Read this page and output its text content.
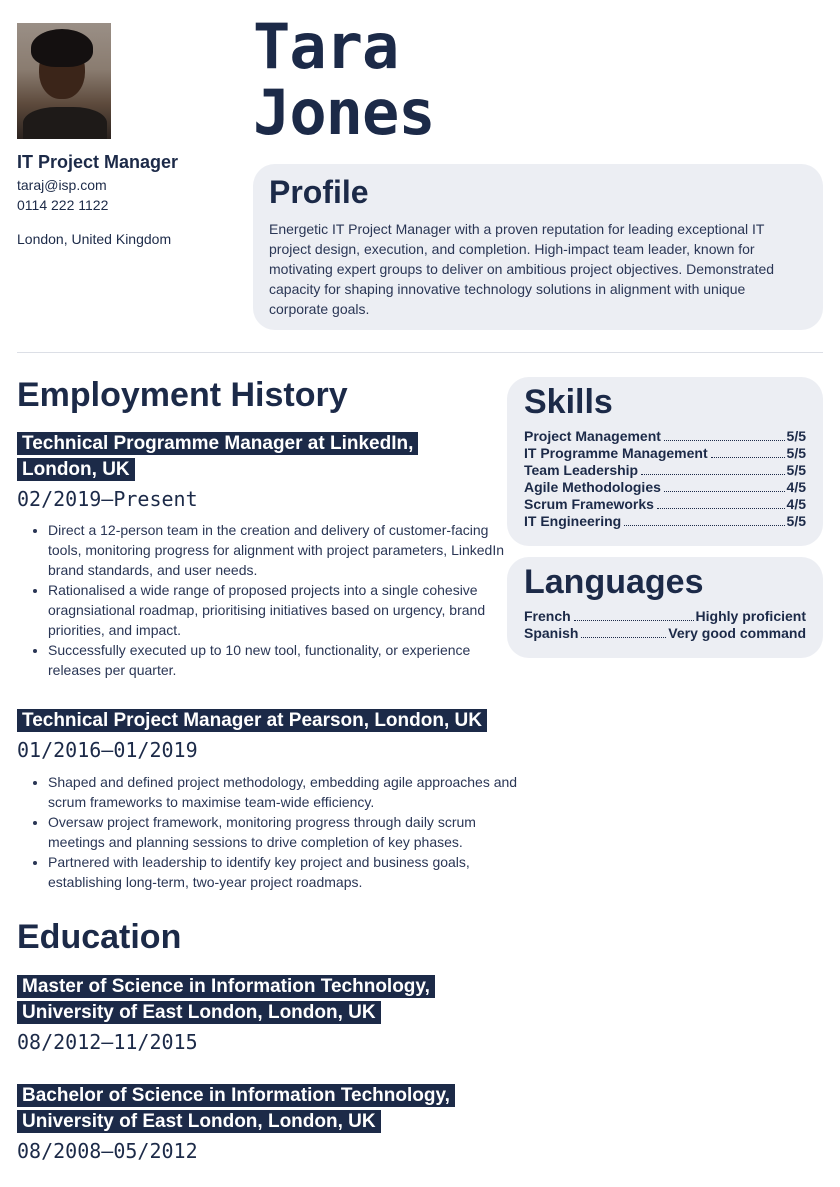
Tara
Jones
IT Project Manager
taraj@isp.com
0114 222 1122
London, United Kingdom
Profile

Energetic IT Project Manager with a proven reputation for leading exceptional IT project design, execution, and completion. High-impact team leader, known for motivating expert groups to deliver on ambitious project objectives. Demonstrated capacity for shaping innovative technology solutions in alignment with unique corporate goals.

Employment History
Technical Programme Manager at LinkedIn, London, UK
02/2019—Present
• Direct a 12-person team in the creation and delivery of customer-facing tools, monitoring progress for alignment with project parameters, LinkedIn brand standards, and user needs.
• Rationalised a wide range of proposed projects into a single cohesive oragnsiational roadmap, prioritising initiatives based on urgency, brand priorities, and impact.
• Successfully executed up to 10 new tool, functionality, or experience releases per quarter.
Technical Project Manager at Pearson, London, UK
01/2016—01/2019
• Shaped and defined project methodology, embedding agile approaches and scrum frameworks to maximise team-wide efficiency.
• Oversaw project framework, monitoring progress through daily scrum meetings and planning sessions to drive completion of key phases.
• Partnered with leadership to identify key project and business goals, establishing long-term, two-year project roadmaps.
Education
Master of Science in Information Technology, University of East London, London, UK
08/2012—11/2015
Bachelor of Science in Information Technology, University of East London, London, UK
08/2008—05/2012
Skills
Project Management	5/5
IT Programme Management	5/5
Team Leadership	5/5
Agile Methodologies	4/5
Scrum Frameworks	4/5
IT Engineering	5/5
Languages
French	Highly proficient
Spanish	Very good command
